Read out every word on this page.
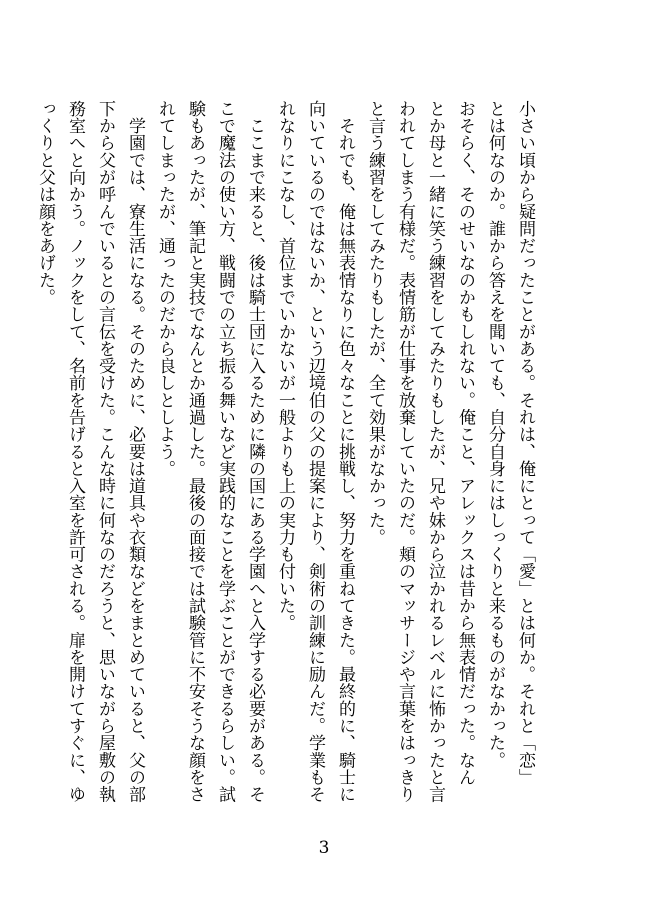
小さい頃から疑問だったことがある。それは、俺にとって「愛」とは何か。それと「恋」
とは何なのか。誰から答えを聞いても、自分自身にはしっくりと来るものがなかった。
おそらく、そのせいなのかもしれない。俺こと、アレックスは昔から無表情だった。なん
とか母と一緒に笑う練習をしてみたりもしたが、兄や妹から泣かれるレベルに怖かったと言
われてしまう有様だ。表情筋が仕事を放棄していたのだ。頬のマッサージや言葉をはっきり
と言う練習をしてみたりもしたが、全て効果がなかった。
　それでも、俺は無表情なりに色々なことに挑戦し、努力を重ねてきた。最終的に、騎士に
向いているのではないか、という辺境伯の父の提案により、剣術の訓練に励んだ。学業もそ
れなりにこなし、首位までいかないが一般よりも上の実力も付いた。
　ここまで来ると、後は騎士団に入るために隣の国にある学園へと入学する必要がある。そ
こで魔法の使い方、戦闘での立ち振る舞いなど実践的なことを学ぶことができるらしい。試
験もあったが、筆記と実技でなんとか通過した。最後の面接では試験管に不安そうな顔をさ
れてしまったが、通ったのだから良しとしよう。
　学園では、寮生活になる。そのために、必要は道具や衣類などをまとめていると、父の部
下から父が呼んでいるとの言伝を受けた。こんな時に何なのだろうと、思いながら屋敷の執
務室へと向かう。ノックをして、名前を告げると入室を許可される。扉を開けてすぐに、ゆ
っくりと父は顔をあげた。
3
